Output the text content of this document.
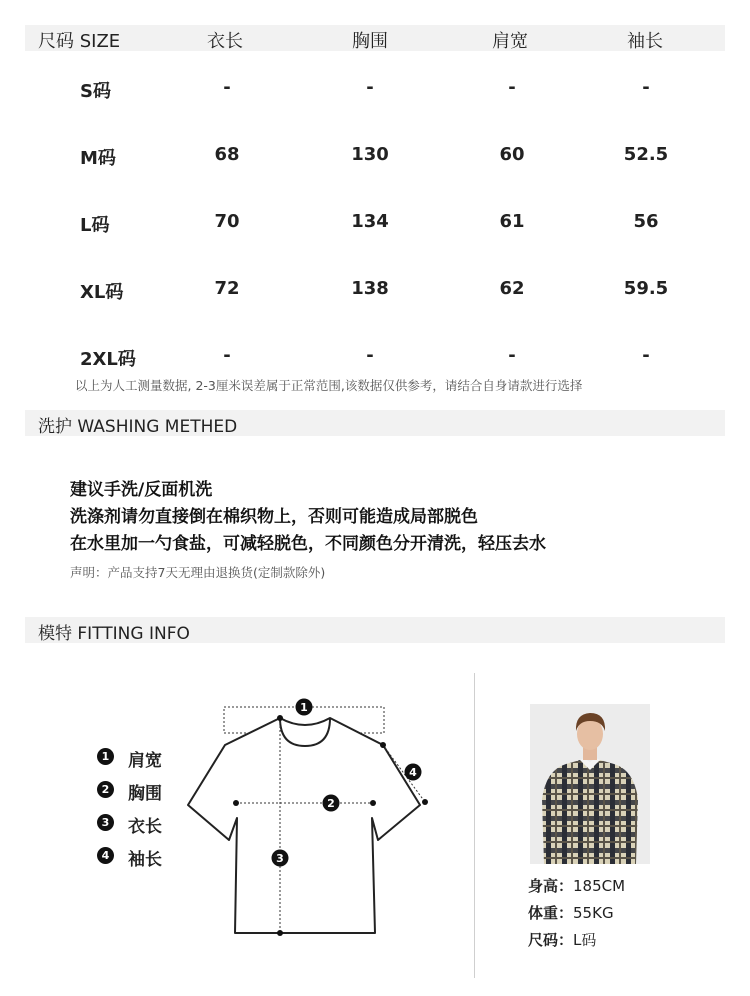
尺码 SIZE	衣长	胸围	肩宽	袖长
S码	-	-	-	-
M码	68	130	60	52.5
L码	70	134	61	56
XL码	72	138	62	59.5
2XL码	-	-	-	-
以上为人工测量数据, 2-3厘米误差属于正常范围,该数据仅供参考，请结合自身请款进行选择
洗护 WASHING METHED
建议手洗/反面机洗
洗涤剂请勿直接倒在棉织物上，否则可能造成局部脱色
在水里加一勺食盐，可减轻脱色，不同颜色分开清洗，轻压去水
声明：产品支持7天无理由退换货(定制款除外)
模特 FITTING INFO
1 肩宽
2 胸围
3 衣长
4 袖长
1
2
3
4
身高：185CM
体重：55KG
尺码：L码
